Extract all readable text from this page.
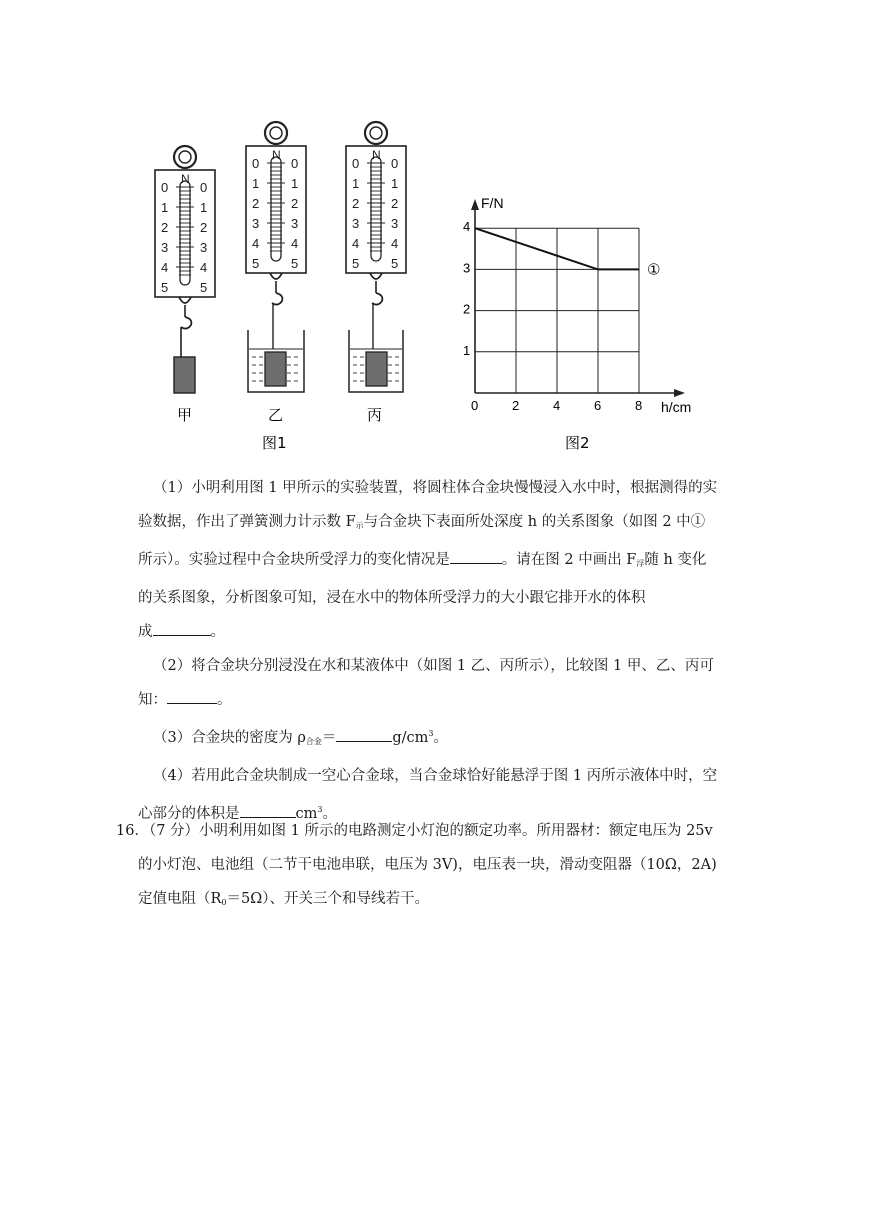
N
0 0
1 1
2 2
3 3
4 4
5 5
N
0 0
1 1
2 2
3 3
4 4
5 5
N
0 0
1 1
2 2
3 3
4 4
5 5
甲	乙	丙
图1
0	2	4	6	8
1
2
3
4
F/N
h/cm
①
图2

（1）小明利用图 1 甲所示的实验装置，将圆柱体合金块慢慢浸入水中时，根据测得的实

验数据，作出了弹簧测力计示数 F示与合金块下表面所处深度 h 的关系图象（如图 2 中①

所示）。实验过程中合金块所受浮力的变化情况是	。请在图 2 中画出 F浮随 h 变化

的关系图象，分析图象可知，浸在水中的物体所受浮力的大小跟它排开水的体积

成	。

（2）将合金块分别浸没在水和某液体中（如图 1 乙、丙所示），比较图 1 甲、乙、丙可

知：	。

（3）合金块的密度为 ρ合金＝	$g/cm^3$。

（4）若用此合金块制成一空心合金球，当合金球恰好能悬浮于图 1 丙所示液体中时，空

心部分的体积是	$cm^3$。

16．（7 分）小明利用如图 1 所示的电路测定小灯泡的额定功率。所用器材：额定电压为 25v

的小灯泡、电池组（二节干电池串联，电压为 3V)，电压表一块，滑动变阻器（10Ω，2A)

定值电阻（R0＝5Ω）、开关三个和导线若干。
